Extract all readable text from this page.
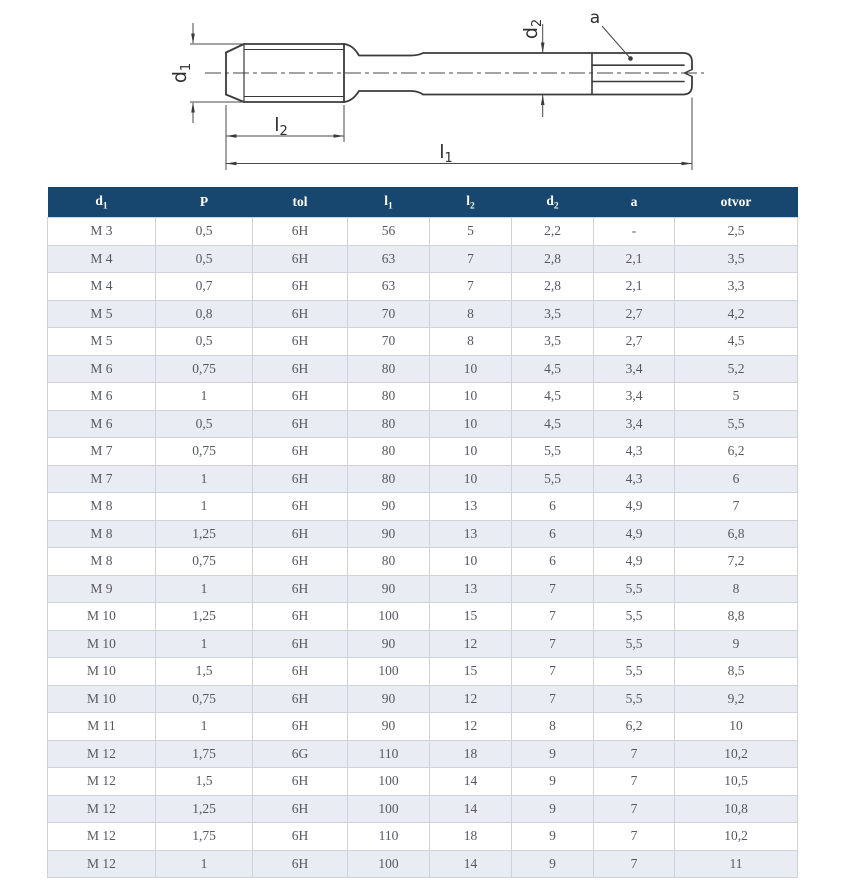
$d_1$
$l_2$
$l_1$
$d_2$	a
$d_1$	P	tol	$l_1$	$l_2$	$d_2$	a	otvor
M 3	0,5	6H	56	5	2,2	-	2,5
M 4	0,5	6H	63	7	2,8	2,1	3,5
M 4	0,7	6H	63	7	2,8	2,1	3,3
M 5	0,8	6H	70	8	3,5	2,7	4,2
M 5	0,5	6H	70	8	3,5	2,7	4,5
M 6	0,75	6H	80	10	4,5	3,4	5,2
M 6	1	6H	80	10	4,5	3,4	5
M 6	0,5	6H	80	10	4,5	3,4	5,5
M 7	0,75	6H	80	10	5,5	4,3	6,2
M 7	1	6H	80	10	5,5	4,3	6
M 8	1	6H	90	13	6	4,9	7
M 8	1,25	6H	90	13	6	4,9	6,8
M 8	0,75	6H	80	10	6	4,9	7,2
M 9	1	6H	90	13	7	5,5	8
M 10	1,25	6H	100	15	7	5,5	8,8
M 10	1	6H	90	12	7	5,5	9
M 10	1,5	6H	100	15	7	5,5	8,5
M 10	0,75	6H	90	12	7	5,5	9,2
M 11	1	6H	90	12	8	6,2	10
M 12	1,75	6G	110	18	9	7	10,2
M 12	1,5	6H	100	14	9	7	10,5
M 12	1,25	6H	100	14	9	7	10,8
M 12	1,75	6H	110	18	9	7	10,2
M 12	1	6H	100	14	9	7	11
